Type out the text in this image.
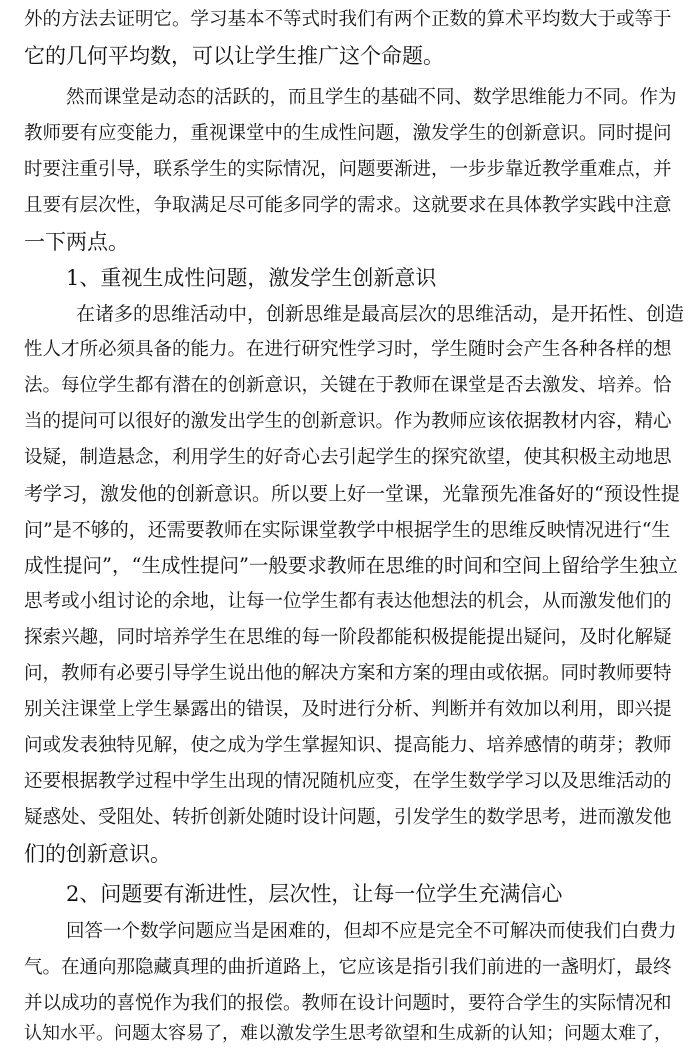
外的方法去证明它。学习基本不等式时我们有两个正数的算术平均数大于或等于
它的几何平均数，可以让学生推广这个命题。
然而课堂是动态的活跃的，而且学生的基础不同、数学思维能力不同。作为
教师要有应变能力，重视课堂中的生成性问题，激发学生的创新意识。同时提问
时要注重引导，联系学生的实际情况，问题要渐进，一步步靠近教学重难点，并
且要有层次性，争取满足尽可能多同学的需求。这就要求在具体教学实践中注意
一下两点。
1、重视生成性问题，激发学生创新意识
在诸多的思维活动中，创新思维是最高层次的思维活动，是开拓性、创造
性人才所必须具备的能力。在进行研究性学习时，学生随时会产生各种各样的想
法。每位学生都有潜在的创新意识，关键在于教师在课堂是否去激发、培养。恰
当的提问可以很好的激发出学生的创新意识。作为教师应该依据教材内容，精心
设疑，制造悬念，利用学生的好奇心去引起学生的探究欲望，使其积极主动地思
考学习，激发他的创新意识。所以要上好一堂课，光靠预先准备好的“预设性提
问”是不够的，还需要教师在实际课堂教学中根据学生的思维反映情况进行“生
成性提问”，“生成性提问”一般要求教师在思维的时间和空间上留给学生独立
思考或小组讨论的余地，让每一位学生都有表达他想法的机会，从而激发他们的
探索兴趣，同时培养学生在思维的每一阶段都能积极提能提出疑问，及时化解疑
问，教师有必要引导学生说出他的解决方案和方案的理由或依据。同时教师要特
别关注课堂上学生暴露出的错误，及时进行分析、判断并有效加以利用，即兴提
问或发表独特见解，使之成为学生掌握知识、提高能力、培养感情的萌芽；教师
还要根据教学过程中学生出现的情况随机应变，在学生数学学习以及思维活动的
疑惑处、受阻处、转折创新处随时设计问题，引发学生的数学思考，进而激发他
们的创新意识。
2、问题要有渐进性，层次性，让每一位学生充满信心
回答一个数学问题应当是困难的，但却不应是完全不可解决而使我们白费力
气。在通向那隐藏真理的曲折道路上，它应该是指引我们前进的一盏明灯，最终
并以成功的喜悦作为我们的报偿。教师在设计问题时，要符合学生的实际情况和
认知水平。问题太容易了，难以激发学生思考欲望和生成新的认知；问题太难了，
